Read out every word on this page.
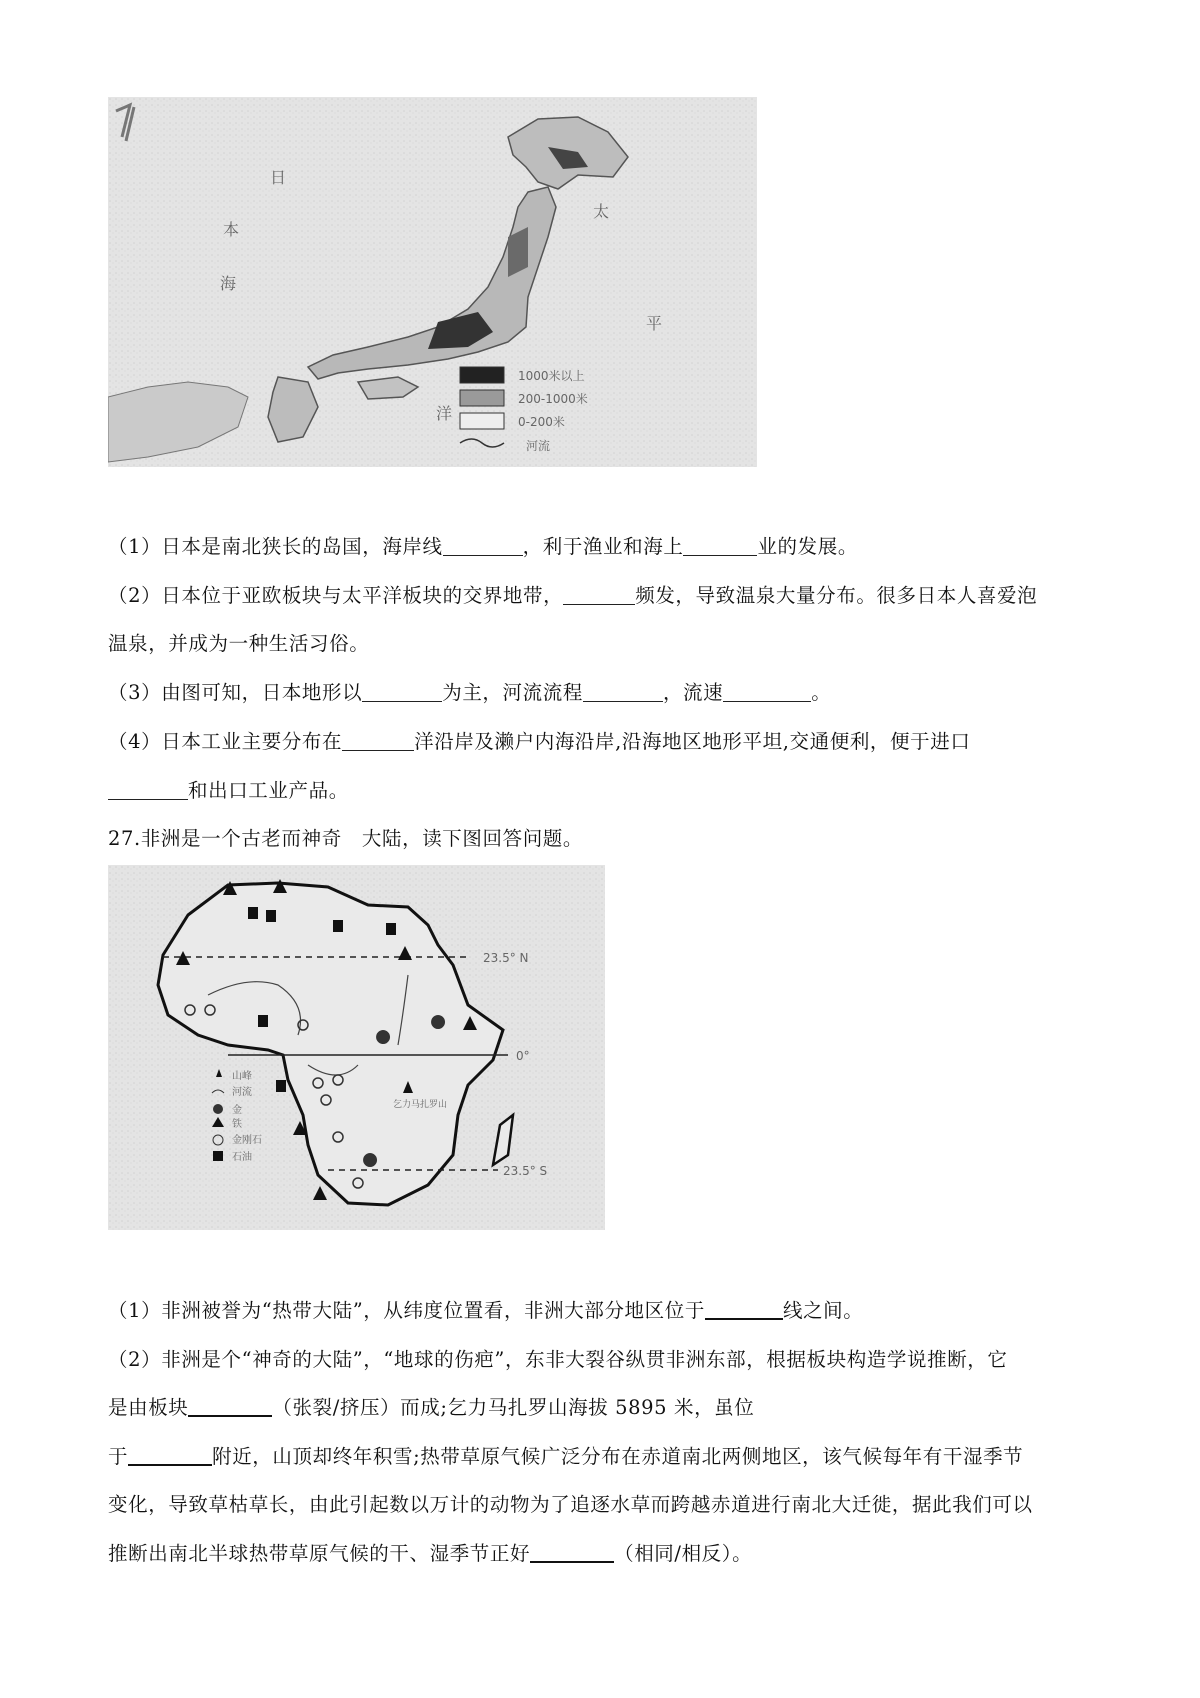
日
本
海
太
平
洋
1000米以上
200-1000米
0-200米
河流
（1）日本是南北狭长的岛国，海岸线	，利于渔业和海上	业的发展。
（2）日本位于亚欧板块与太平洋板块的交界地带，	频发，导致温泉大量分布。很多日本人喜爱泡
温泉，并成为一种生活习俗。
（3）由图可知，日本地形以	为主，河流流程	，流速	。
（4）日本工业主要分布在	洋沿岸及濑户内海沿岸,沿海地区地形平坦,交通便利，便于进口
和出口工业产品。
27.非洲是一个古老而神奇　大陆，读下图回答问题。
23.5° N
0°
23.5° S
乞力马扎罗山
山峰
河流
金
铁
金刚石
石油
（1）非洲被誉为“热带大陆”，从纬度位置看，非洲大部分地区位于	线之间。
（2）非洲是个“神奇的大陆”，“地球的伤疤”，东非大裂谷纵贯非洲东部，根据板块构造学说推断，它
是由板块	（张裂/挤压）而成;乞力马扎罗山海拔 5895 米，虽位
于	附近，山顶却终年积雪;热带草原气候广泛分布在赤道南北两侧地区，该气候每年有干湿季节
变化，导致草枯草长，由此引起数以万计的动物为了追逐水草而跨越赤道进行南北大迁徙，据此我们可以
推断出南北半球热带草原气候的干、湿季节正好	（相同/相反）。
